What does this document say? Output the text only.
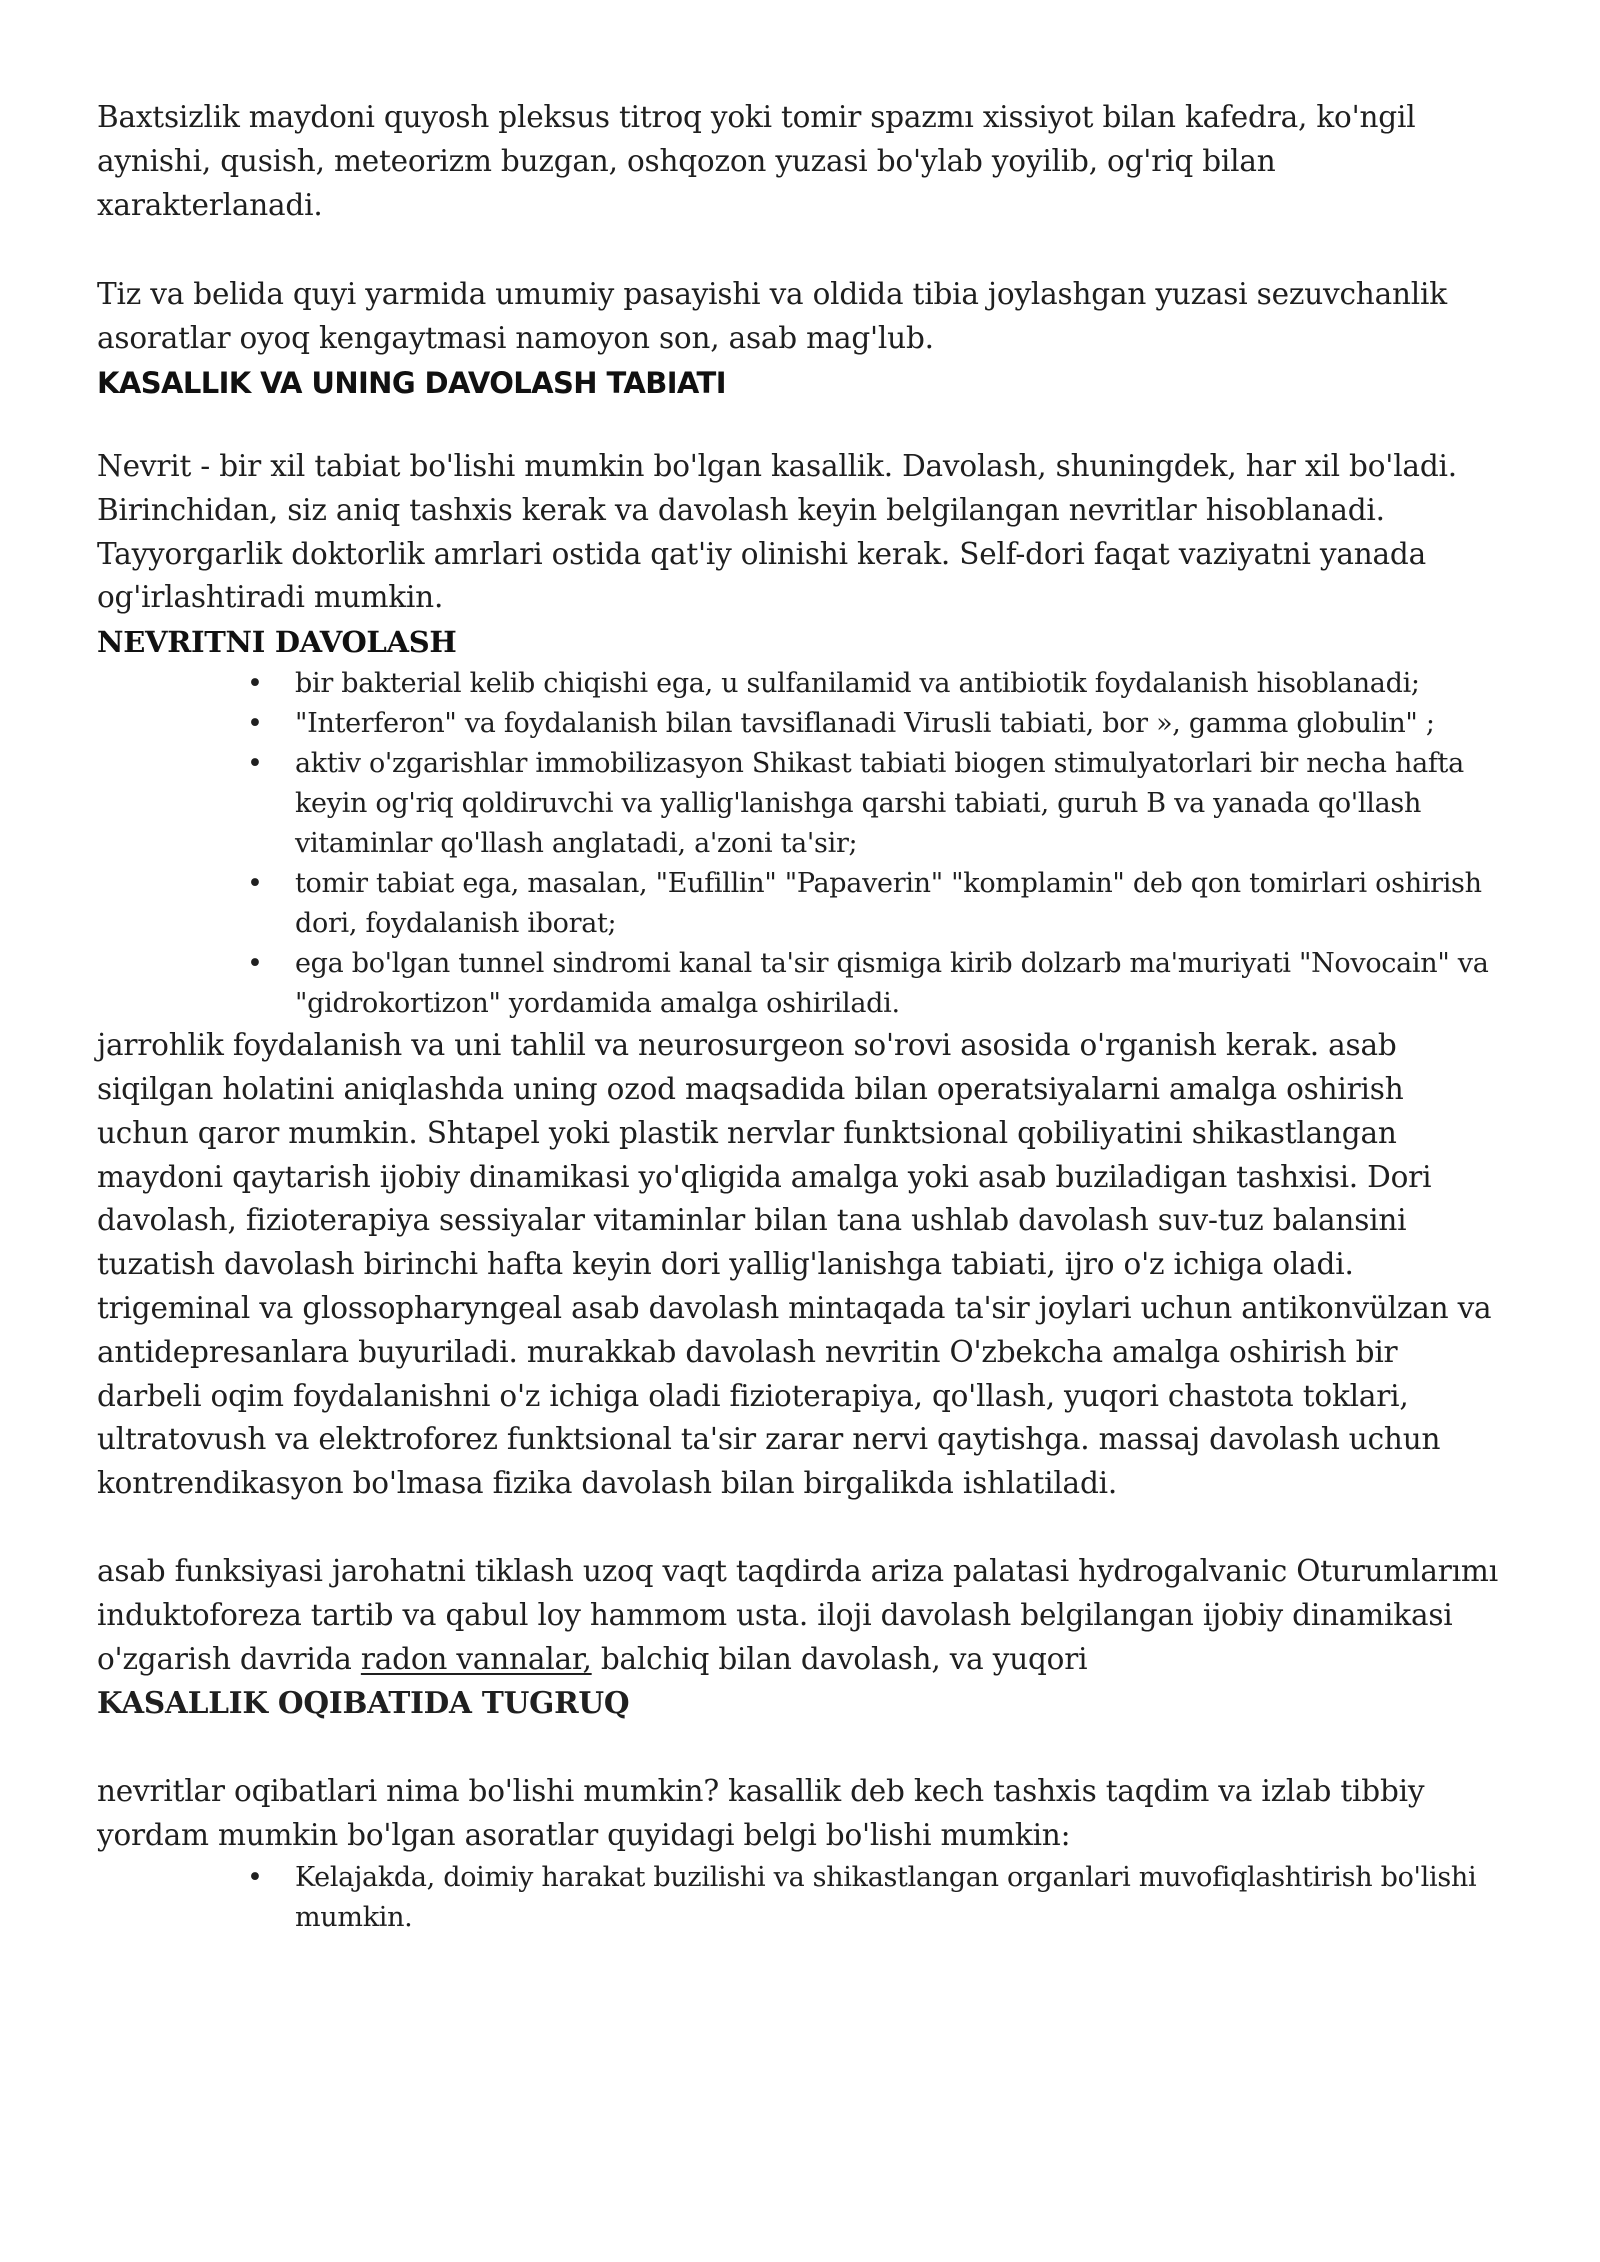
Baxtsizlik maydoni quyosh pleksus titroq yoki tomir spazmı xissiyot bilan kafedra, ko'ngil aynishi, qusish, meteorizm buzgan, oshqozon yuzasi bo'ylab yoyilib, og'riq bilan xarakterlanadi.

Tiz va belida quyi yarmida umumiy pasayishi va oldida tibia joylashgan yuzasi sezuvchanlik asoratlar oyoq kengaytmasi namoyon son, asab mag'lub.

KASALLIK VA UNING DAVOLASH TABIATI

Nevrit - bir xil tabiat bo'lishi mumkin bo'lgan kasallik. Davolash, shuningdek, har xil bo'ladi. Birinchidan, siz aniq tashxis kerak va davolash keyin belgilangan nevritlar hisoblanadi. Tayyorgarlik doktorlik amrlari ostida qat'iy olinishi kerak. Self-dori faqat vaziyatni yanada og'irlashtiradi mumkin.

NEVRITNI DAVOLASH
• bir bakterial kelib chiqishi ega, u sulfanilamid va antibiotik foydalanish hisoblanadi;
• "Interferon" va foydalanish bilan tavsiflanadi Virusli tabiati, bor », gamma globulin" ;
• aktiv o'zgarishlar immobilizasyon Shikast tabiati biogen stimulyatorlari bir necha hafta keyin og'riq qoldiruvchi va yallig'lanishga qarshi tabiati, guruh B va yanada qo'llash vitaminlar qo'llash anglatadi, a'zoni ta'sir;
• tomir tabiat ega, masalan, "Eufillin" "Papaverin" "komplamin" deb qon tomirlari oshirish dori, foydalanish iborat;
• ega bo'lgan tunnel sindromi kanal ta'sir qismiga kirib dolzarb ma'muriyati "Novocain" va "gidrokortizon" yordamida amalga oshiriladi.

jarrohlik foydalanish va uni tahlil va neurosurgeon so'rovi asosida o'rganish kerak. asab siqilgan holatini aniqlashda uning ozod maqsadida bilan operatsiyalarni amalga oshirish uchun qaror mumkin. Shtapel yoki plastik nervlar funktsional qobiliyatini shikastlangan maydoni qaytarish ijobiy dinamikasi yo'qligida amalga yoki asab buziladigan tashxisi. Dori davolash, fizioterapiya sessiyalar vitaminlar bilan tana ushlab davolash suv-tuz balansini tuzatish davolash birinchi hafta keyin dori yallig'lanishga tabiati, ijro o'z ichiga oladi. trigeminal va glossopharyngeal asab davolash mintaqada ta'sir joylari uchun antikonvülzan va antidepresanlara buyuriladi. murakkab davolash nevritin O'zbekcha amalga oshirish bir darbeli oqim foydalanishni o'z ichiga oladi fizioterapiya, qo'llash, yuqori chastota toklari, ultratovush va elektroforez funktsional ta'sir zarar nervi qaytishga. massaj davolash uchun kontrendikasyon bo'lmasa fizika davolash bilan birgalikda ishlatiladi.

asab funksiyasi jarohatni tiklash uzoq vaqt taqdirda ariza palatasi hydrogalvanic Oturumlarımı induktoforeza tartib va qabul loy hammom usta. iloji davolash belgilangan ijobiy dinamikasi o'zgarish davrida radon vannalar, balchiq bilan davolash, va yuqori
KASALLIK OQIBATIDA TUGRUQ

nevritlar oqibatlari nima bo'lishi mumkin? kasallik deb kech tashxis taqdim va izlab tibbiy yordam mumkin bo'lgan asoratlar quyidagi belgi bo'lishi mumkin:

• Kelajakda, doimiy harakat buzilishi va shikastlangan organlari muvofiqlashtirish bo'lishi mumkin.
